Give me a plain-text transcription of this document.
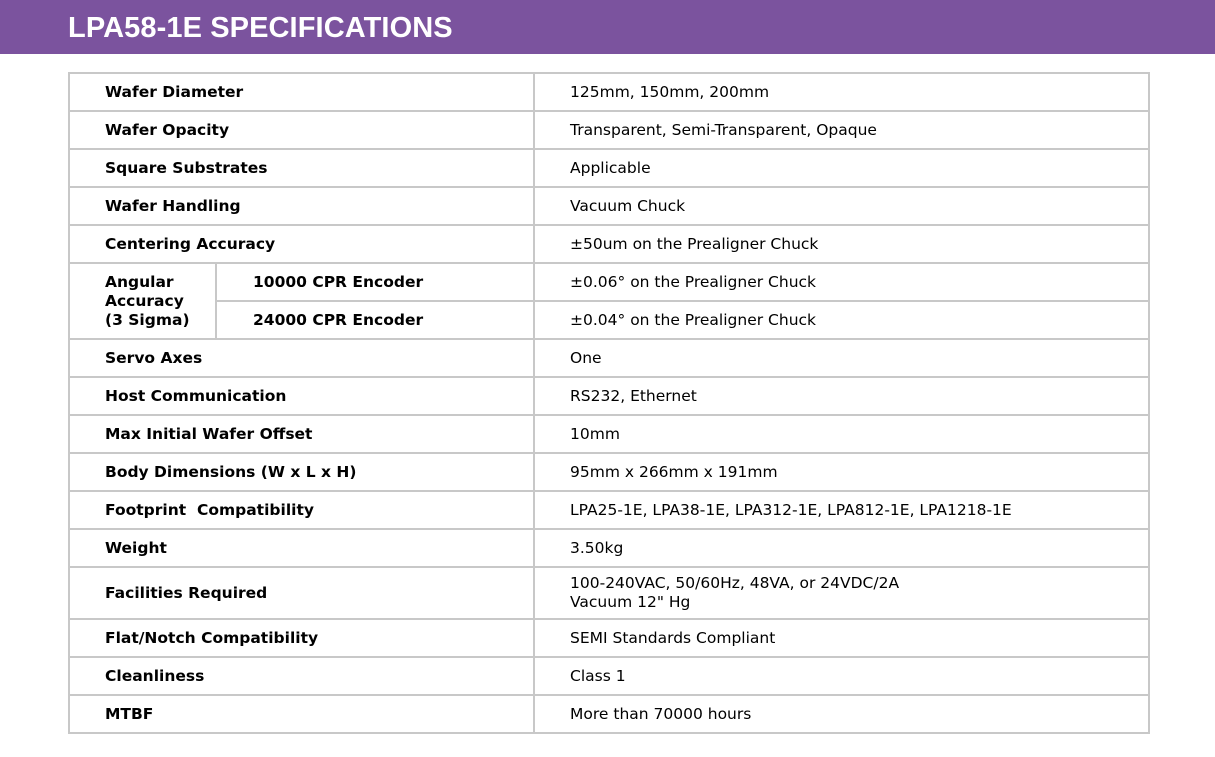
LPA58-1E SPECIFICATIONS
Wafer Diameter		125mm, 150mm, 200mm
Wafer Opacity		Transparent, Semi-Transparent, Opaque
Square Substrates		Applicable
Wafer Handling		Vacuum Chuck
Centering Accuracy		±50um on the Prealigner Chuck

Angular
Accuracy
(3 Sigma)	10000 CPR Encoder	±0.06° on the Prealigner Chuck
	24000 CPR Encoder	±0.04° on the Prealigner Chuck
Servo Axes		One
Host Communication		RS232, Ethernet
Max Initial Wafer Offset		10mm
Body Dimensions (W x L x H)		95mm x 266mm x 191mm
Footprint  Compatibility		LPA25-1E, LPA38-1E, LPA312-1E, LPA812-1E, LPA1218-1E
Weight		3.50kg
Facilities Required		100-240VAC, 50/60Hz, 48VA, or 24VDC/2A
Vacuum 12" Hg

Flat/Notch Compatibility		SEMI Standards Compliant
Cleanliness		Class 1
MTBF		More than 70000 hours
